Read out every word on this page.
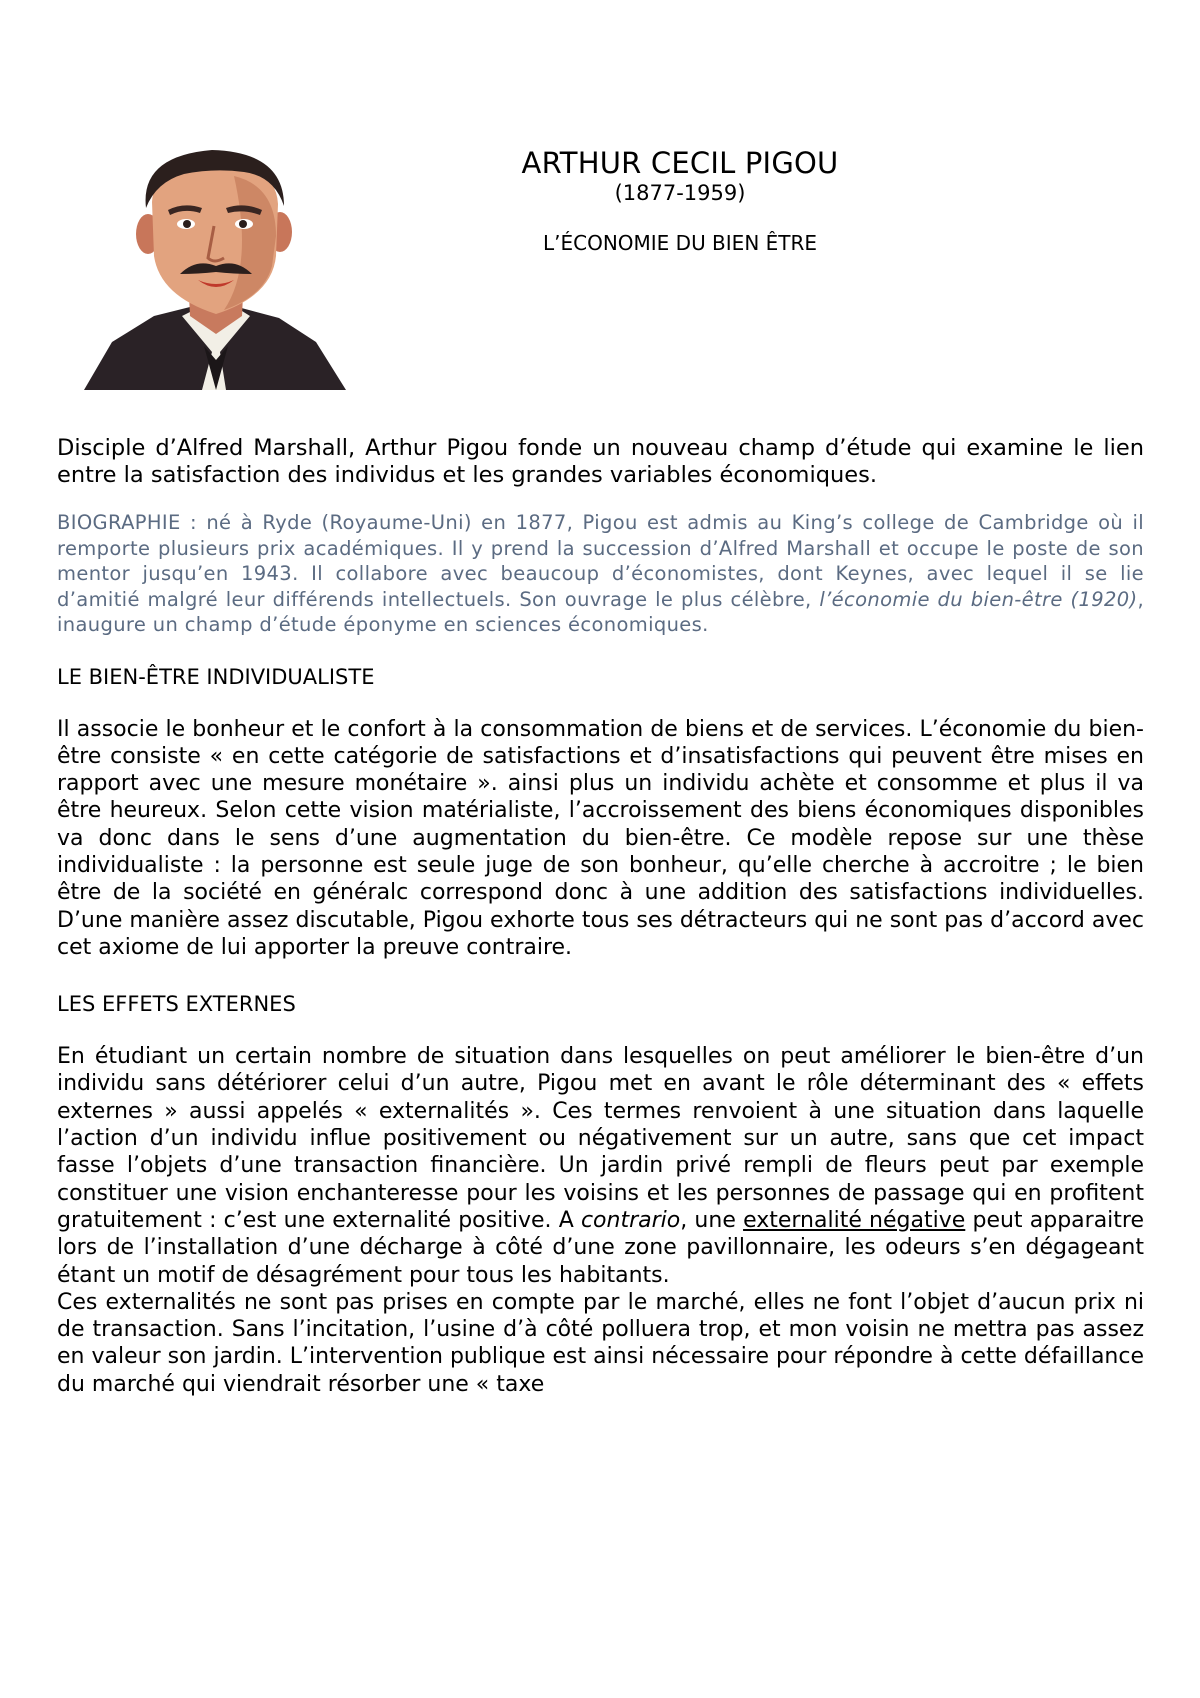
ARTHUR CECIL PIGOU
(1877-1959)
L’ÉCONOMIE DU BIEN ÊTRE

Disciple d’Alfred Marshall, Arthur Pigou fonde un nouveau champ d’étude qui examine le lien entre la satisfaction des individus et les grandes variables économiques.

BIOGRAPHIE : né à Ryde (Royaume-Uni) en 1877, Pigou est admis au King’s college de Cambridge où il remporte plusieurs prix académiques. Il y prend la succession d’Alfred Marshall et occupe le poste de son mentor jusqu’en 1943. Il collabore avec beaucoup d’économistes, dont Keynes, avec lequel il se lie d’amitié malgré leur différends intellectuels. Son ouvrage le plus célèbre, l’économie du bien-être (1920), inaugure un champ d’étude éponyme en sciences économiques.

LE BIEN-ÊTRE INDIVIDUALISTE

Il associe le bonheur et le confort à la consommation de biens et de services. L’économie du bien-être consiste « en cette catégorie de satisfactions et d’insatisfactions qui peuvent être mises en rapport avec une mesure monétaire ». ainsi plus un individu achète et consomme et plus il va être heureux. Selon cette vision matérialiste, l’accroissement des biens économiques disponibles va donc dans le sens d’une augmentation du bien-être. Ce modèle repose sur une thèse individualiste : la personne est seule juge de son bonheur, qu’elle cherche à accroitre ; le bien être de la société en généralc correspond donc à une addition des satisfactions individuelles. D’une manière assez discutable, Pigou exhorte tous ses détracteurs qui ne sont pas d’accord avec cet axiome de lui apporter la preuve contraire.

LES EFFETS EXTERNES

En étudiant un certain nombre de situation dans lesquelles on peut améliorer le bien-être d’un individu sans détériorer celui d’un autre, Pigou met en avant le rôle déterminant des « effets externes » aussi appelés « externalités ». Ces termes renvoient à une situation dans laquelle l’action d’un individu influe positivement ou négativement sur un autre, sans que cet impact fasse l’objets d’une transaction financière. Un jardin privé rempli de fleurs peut par exemple constituer une vision enchanteresse pour les voisins et les personnes de passage qui en profitent gratuitement : c’est une externalité positive. A contrario, une externalité négative peut apparaitre lors de l’installation d’une décharge à côté d’une zone pavillonnaire, les odeurs s’en dégageant étant un motif de désagrément pour tous les habitants.

Ces externalités ne sont pas prises en compte par le marché, elles ne font l’objet d’aucun prix ni de transaction. Sans l’incitation, l’usine d’à côté polluera trop, et mon voisin ne mettra pas assez en valeur son jardin. L’intervention publique est ainsi nécessaire pour répondre à cette défaillance du marché qui viendrait résorber une « taxe
